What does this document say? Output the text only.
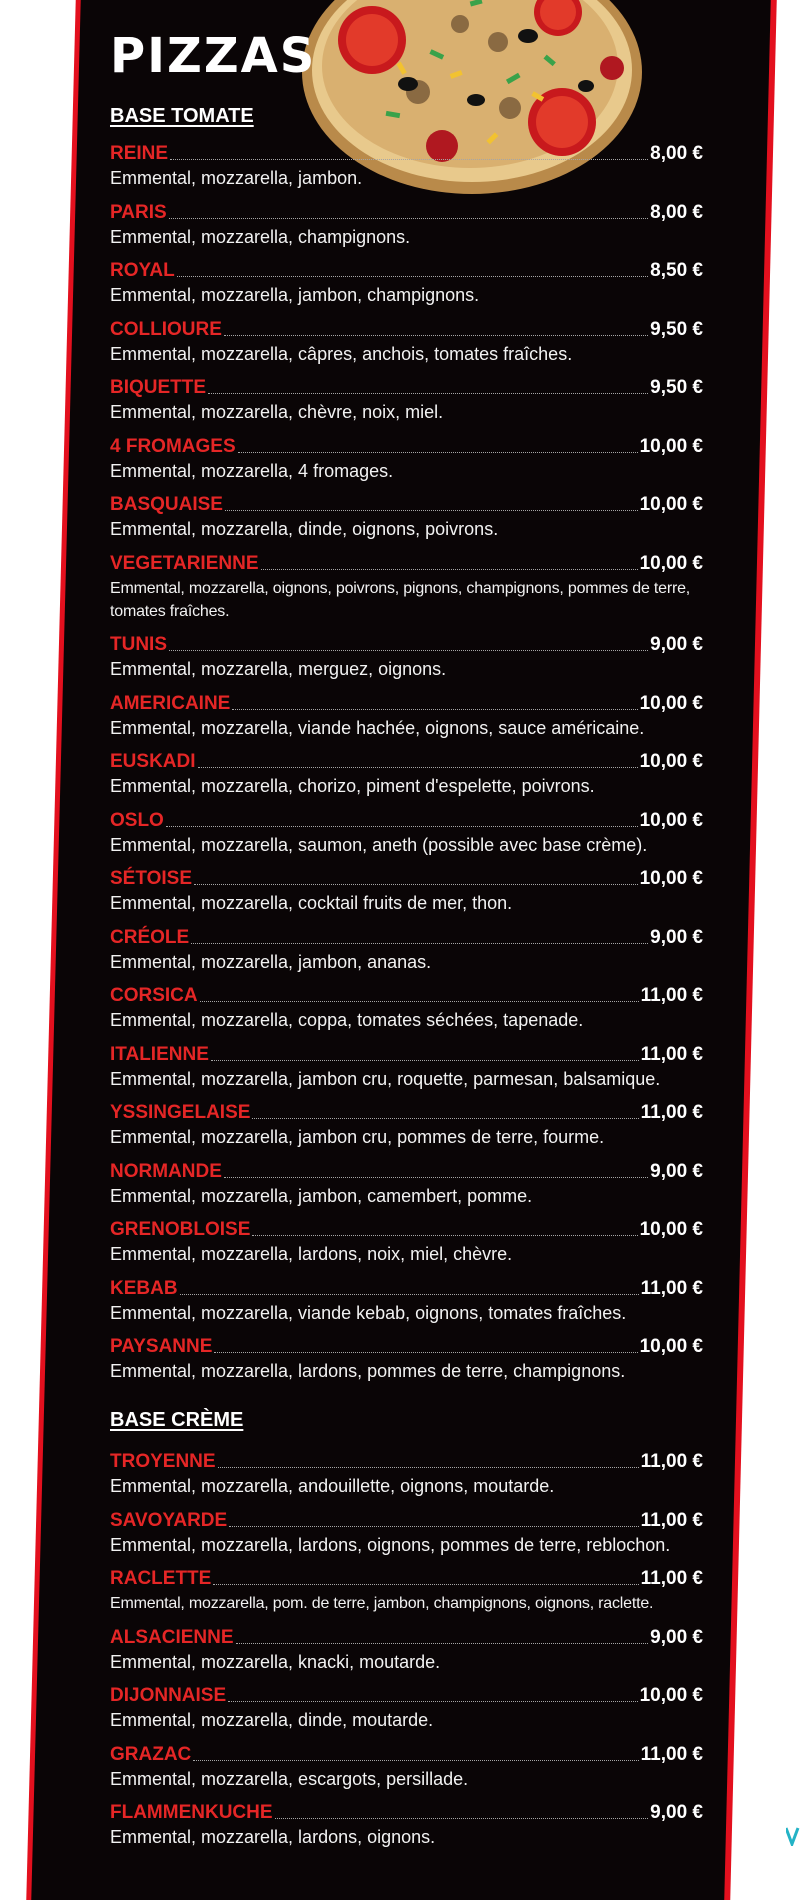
PIZZAS
BASE TOMATE
REINE	8,00 €
Emmental, mozzarella, jambon.
PARIS	8,00 €
Emmental, mozzarella, champignons.
ROYAL	8,50 €
Emmental, mozzarella, jambon, champignons.
COLLIOURE	9,50 €
Emmental, mozzarella, câpres, anchois, tomates fraîches.
BIQUETTE	9,50 €
Emmental, mozzarella, chèvre, noix, miel.
4 FROMAGES	10,00 €
Emmental, mozzarella, 4 fromages.
BASQUAISE	10,00 €
Emmental, mozzarella, dinde, oignons, poivrons.
VEGETARIENNE	10,00 €
Emmental, mozzarella, oignons, poivrons, pignons, champignons, pommes de terre, tomates fraîches.
TUNIS	9,00 €
Emmental, mozzarella, merguez, oignons.
AMERICAINE	10,00 €
Emmental, mozzarella, viande hachée, oignons, sauce américaine.
EUSKADI	10,00 €
Emmental, mozzarella, chorizo, piment d'espelette, poivrons.
OSLO	10,00 €
Emmental, mozzarella, saumon, aneth (possible avec base crème).
SÉTOISE	10,00 €
Emmental, mozzarella, cocktail fruits de mer, thon.
CRÉOLE	9,00 €
Emmental, mozzarella, jambon, ananas.
CORSICA	11,00 €
Emmental, mozzarella, coppa, tomates séchées, tapenade.
ITALIENNE	11,00 €
Emmental, mozzarella, jambon cru, roquette, parmesan, balsamique.
YSSINGELAISE	11,00 €
Emmental, mozzarella, jambon cru, pommes de terre, fourme.
NORMANDE	9,00 €
Emmental, mozzarella, jambon, camembert, pomme.
GRENOBLOISE	10,00 €
Emmental, mozzarella, lardons, noix, miel, chèvre.
KEBAB	11,00 €
Emmental, mozzarella, viande kebab, oignons, tomates fraîches.
PAYSANNE	10,00 €
Emmental, mozzarella, lardons, pommes de terre, champignons.
BASE CRÈME
TROYENNE	11,00 €
Emmental, mozzarella, andouillette, oignons, moutarde.
SAVOYARDE	11,00 €
Emmental, mozzarella, lardons, oignons, pommes de terre, reblochon.
RACLETTE	11,00 €
Emmental, mozzarella, pom. de terre, jambon, champignons, oignons, raclette.
ALSACIENNE	9,00 €
Emmental, mozzarella, knacki, moutarde.
DIJONNAISE	10,00 €
Emmental, mozzarella, dinde, moutarde.
GRAZAC	11,00 €
Emmental, mozzarella, escargots, persillade.
FLAMMENKUCHE	9,00 €
Emmental, mozzarella, lardons, oignons.
